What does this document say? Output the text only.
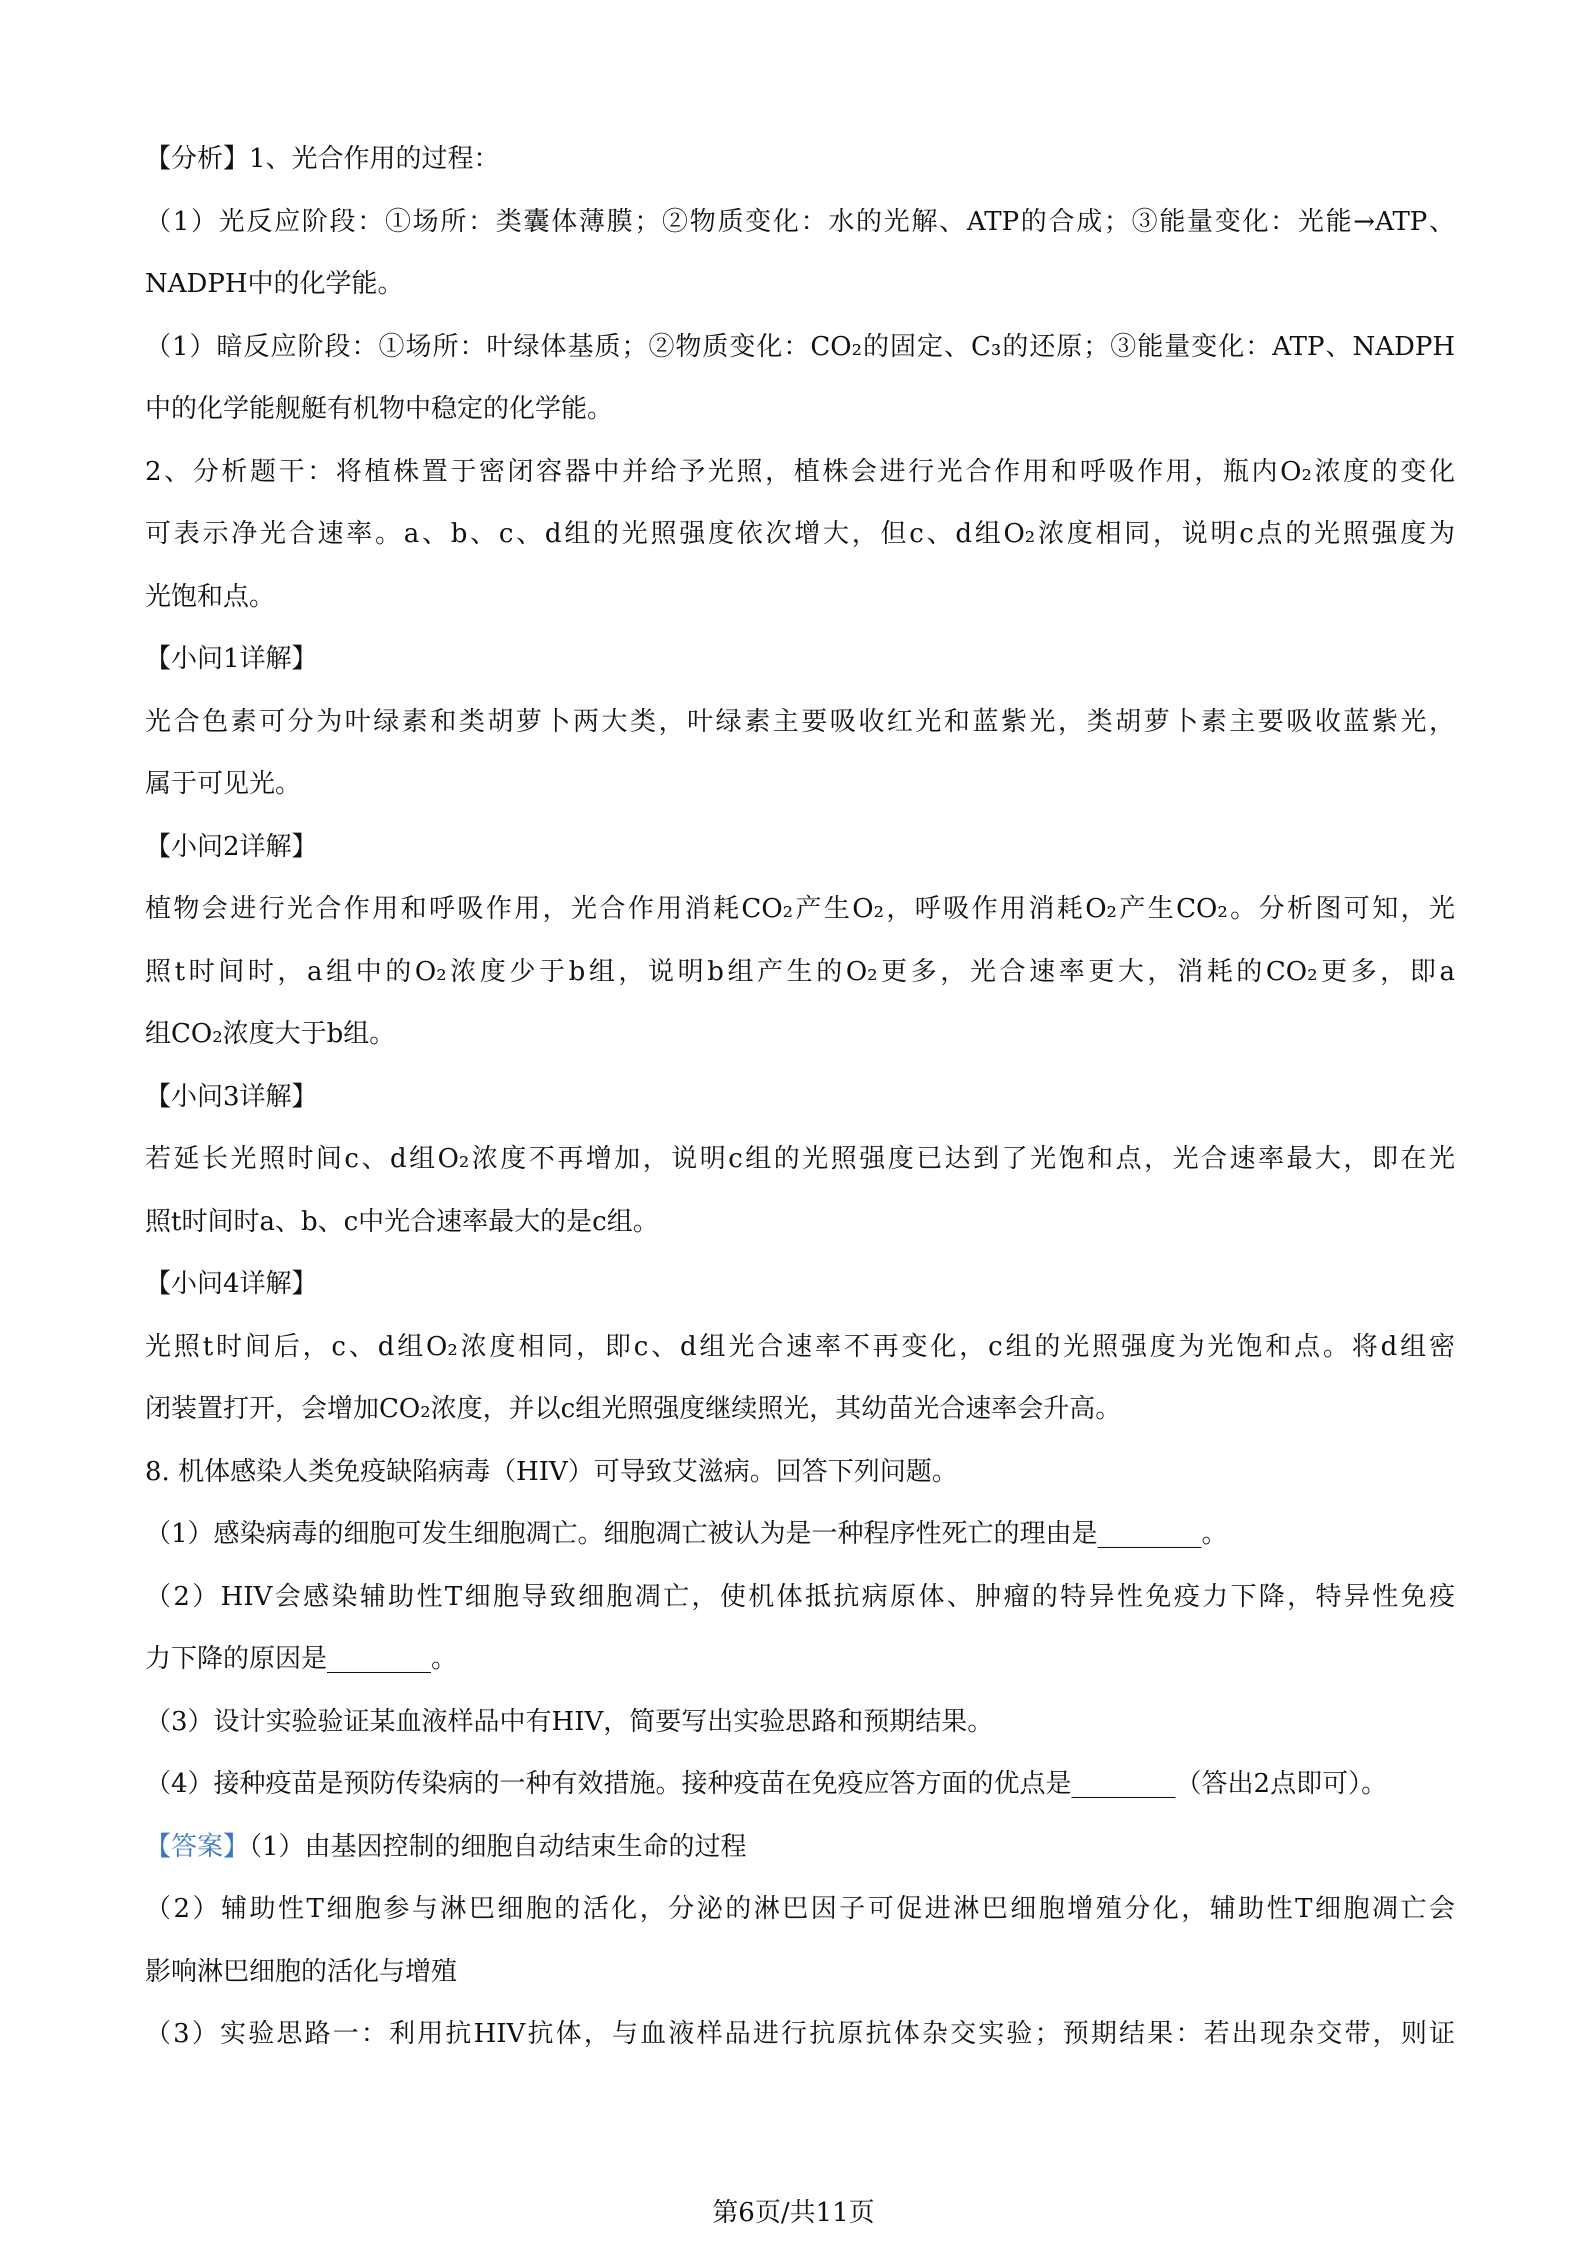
【分析】1、光合作用的过程：
（1）光反应阶段：①场所：类囊体薄膜；②物质变化：水的光解、ATP的合成；③能量变化：光能→ATP、
NADPH中的化学能。
（1）暗反应阶段：①场所：叶绿体基质；②物质变化：CO₂的固定、C₃的还原；③能量变化：ATP、NADPH
中的化学能舰艇有机物中稳定的化学能。
2、分析题干：将植株置于密闭容器中并给予光照，植株会进行光合作用和呼吸作用，瓶内O₂浓度的变化
可表示净光合速率。a、b、c、d组的光照强度依次增大，但c、d组O₂浓度相同，说明c点的光照强度为
光饱和点。
【小问1详解】
光合色素可分为叶绿素和类胡萝卜两大类，叶绿素主要吸收红光和蓝紫光，类胡萝卜素主要吸收蓝紫光，
属于可见光。
【小问2详解】
植物会进行光合作用和呼吸作用，光合作用消耗CO₂产生O₂，呼吸作用消耗O₂产生CO₂。分析图可知，光
照t时间时，a组中的O₂浓度少于b组，说明b组产生的O₂更多，光合速率更大，消耗的CO₂更多，即a
组CO₂浓度大于b组。
【小问3详解】
若延长光照时间c、d组O₂浓度不再增加，说明c组的光照强度已达到了光饱和点，光合速率最大，即在光
照t时间时a、b、c中光合速率最大的是c组。
【小问4详解】
光照t时间后，c、d组O₂浓度相同，即c、d组光合速率不再变化，c组的光照强度为光饱和点。将d组密
闭装置打开，会增加CO₂浓度，并以c组光照强度继续照光，其幼苗光合速率会升高。
8. 机体感染人类免疫缺陷病毒（HIV）可导致艾滋病。回答下列问题。
（1）感染病毒的细胞可发生细胞凋亡。细胞凋亡被认为是一种程序性死亡的理由是________。
（2）HIV会感染辅助性T细胞导致细胞凋亡，使机体抵抗病原体、肿瘤的特异性免疫力下降，特异性免疫
力下降的原因是________。
（3）设计实验验证某血液样品中有HIV，简要写出实验思路和预期结果。
（4）接种疫苗是预防传染病的一种有效措施。接种疫苗在免疫应答方面的优点是________（答出2点即可）。
【答案】（1）由基因控制的细胞自动结束生命的过程
（2）辅助性T细胞参与淋巴细胞的活化，分泌的淋巴因子可促进淋巴细胞增殖分化，辅助性T细胞凋亡会
影响淋巴细胞的活化与增殖
（3）实验思路一：利用抗HIV抗体，与血液样品进行抗原抗体杂交实验；预期结果：若出现杂交带，则证
第6页/共11页
